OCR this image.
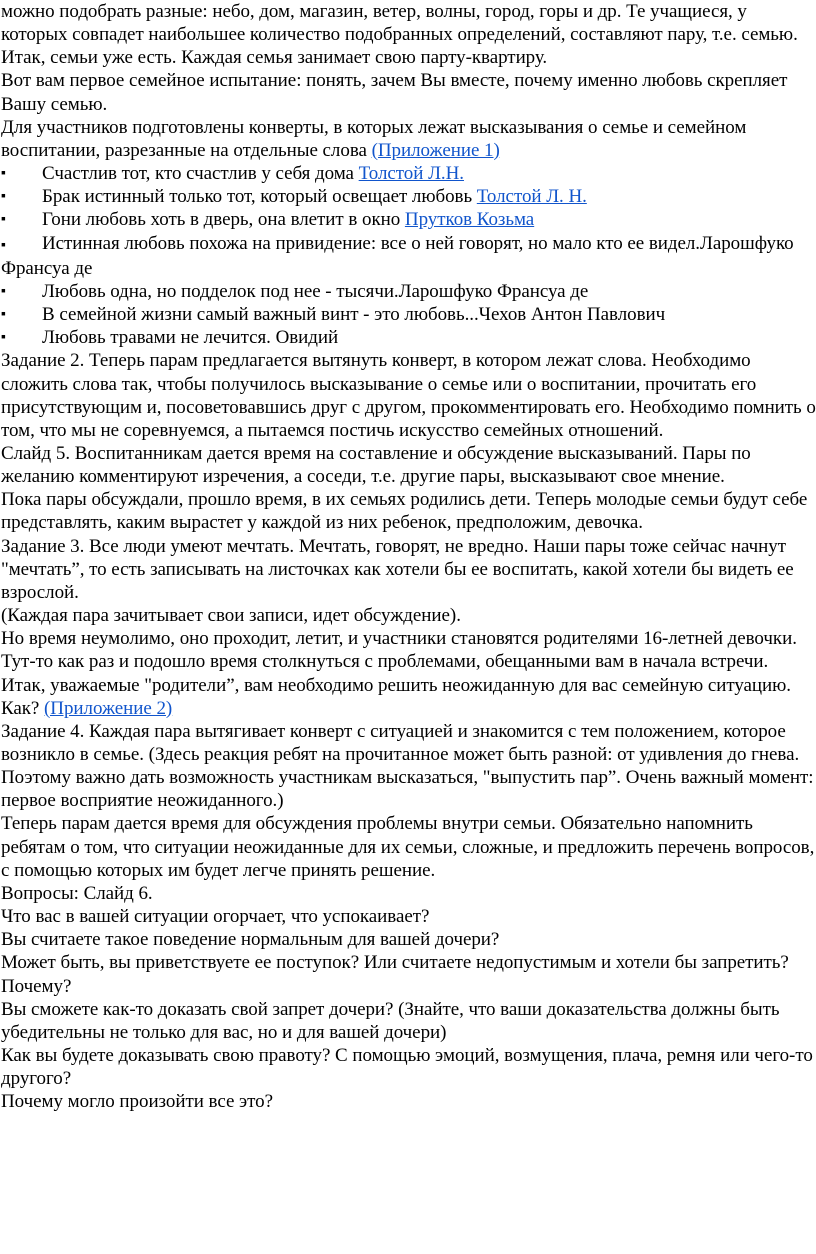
можно подобрать разные: небо, дом, магазин, ветер, волны, город, горы и др. Те учащиеся, у которых совпадет наибольшее количество подобранных определений, составляют пару, т.е. семью.

Итак, семьи уже есть. Каждая семья занимает свою парту-квартиру.

Вот вам первое семейное испытание: понять, зачем Вы вместе, почему именно любовь скрепляет Вашу семью.

Для участников подготовлены конверты, в которых лежат высказывания о семье и семейном воспитании, разрезанные на отдельные слова (Приложение 1)

▪	Счастлив тот, кто счастлив у себя дома Толстой Л.Н.
▪	Брак истинный только тот, который освещает любовь Толстой Л. Н.
▪	Гони любовь хоть в дверь, она влетит в окно Прутков Козьма
▪ Истинная любовь похожа на привидение: все о ней говорят, но мало кто ее видел.Ларошфуко Франсуа де
▪	Любовь одна, но подделок под нее - тысячи.Ларошфуко Франсуа де
▪	В семейной жизни самый важный винт - это любовь...Чехов Антон Павлович
▪	Любовь травами не лечится. Овидий

Задание 2. Теперь парам предлагается вытянуть конверт, в котором лежат слова. Необходимо сложить слова так, чтобы получилось высказывание о семье или о воспитании, прочитать его присутствующим и, посоветовавшись друг с другом, прокомментировать его. Необходимо помнить о том, что мы не соревнуемся, а пытаемся постичь искусство семейных отношений.

Слайд 5. Воспитанникам дается время на составление и обсуждение высказываний. Пары по желанию комментируют изречения, а соседи, т.е. другие пары, высказывают свое мнение.

Пока пары обсуждали, прошло время, в их семьях родились дети. Теперь молодые семьи будут себе представлять, каким вырастет у каждой из них ребенок, предположим, девочка.

Задание 3. Все люди умеют мечтать. Мечтать, говорят, не вредно. Наши пары тоже сейчас начнут "мечтать”, то есть записывать на листочках как хотели бы ее воспитать, какой хотели бы видеть ее взрослой.

(Каждая пара зачитывает свои записи, идет обсуждение).

Но время неумолимо, оно проходит, летит, и участники становятся родителями 16-летней девочки. Тут-то как раз и подошло время столкнуться с проблемами, обещанными вам в начала встречи.

Итак, уважаемые "родители”, вам необходимо решить неожиданную для вас семейную ситуацию. Как? (Приложение 2)

Задание 4. Каждая пара вытягивает конверт с ситуацией и знакомится с тем положением, которое возникло в семье. (Здесь реакция ребят на прочитанное может быть разной: от удивления до гнева. Поэтому важно дать возможность участникам высказаться, "выпустить пар”. Очень важный момент: первое восприятие неожиданного.)

Теперь парам дается время для обсуждения проблемы внутри семьи. Обязательно напомнить ребятам о том, что ситуации неожиданные для их семьи, сложные, и предложить перечень вопросов, с помощью которых им будет легче принять решение.

Вопросы: Слайд 6.

Что вас в вашей ситуации огорчает, что успокаивает?

Вы считаете такое поведение нормальным для вашей дочери?

Может быть, вы приветствуете ее поступок? Или считаете недопустимым и хотели бы запретить? Почему?

Вы сможете как-то доказать свой запрет дочери? (Знайте, что ваши доказательства должны быть убедительны не только для вас, но и для вашей дочери)

Как вы будете доказывать свою правоту? С помощью эмоций, возмущения, плача, ремня или чего-то другого?

Почему могло произойти все это?
